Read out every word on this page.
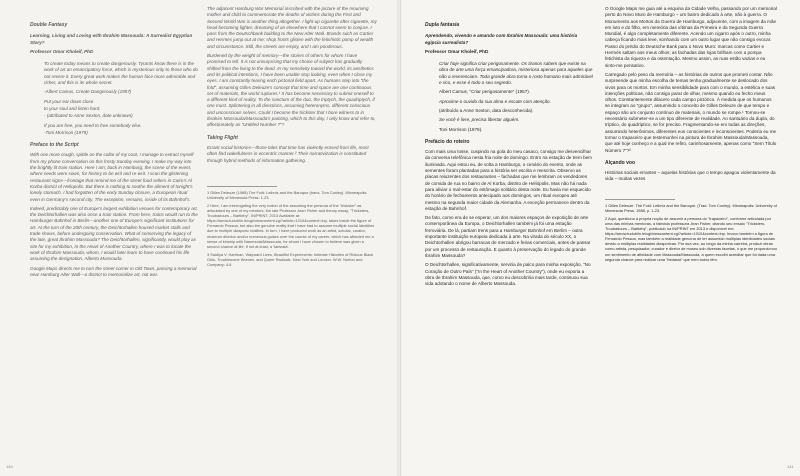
Double Fantasy

Learning, Living and Loving with Ibrahim Massouda: A Surrealist Egyptian Story?

Professor Omar Kholeif, PhD

To create today means to create dangerously. Tyrants know there is in the work of art an emancipatory force, which is mysterious only to those who do not revere it. Every great work makes the human face more admirable and richer, and this is its whole secret.

-Albert Camus, Create Dangerously (1957)

Put your ear down close

to your soul and listen hard.

- (attributed to Anne Sexton, date unknown)

If you are free, you need to free somebody else.

-Toni Morrison (1979)

Preface to the Script

With one more cough, spittle on the collar of my coat, I manage to extract myself from my phone conversation on this frosty Sunday evening. I make my way into the brightly lit train station. Here I am; back in Hamburg, the scene of the event, where seeds were sown, for history to be writ and re-writ. I scan the glistening restaurant signs—frontage that remind me of the street food sellers in Cairo's Al Korba district of Heliopolis. But there is nothing to soothe the ailment of tonight's lonely stomach. I had forgotten of the early Sunday closure, a European ritual even in Germany's second city. The exception, remains, inside of its Bahnhof's.

Indeed, predictably one of Europe's largest exhibition venues for contemporary art, the Deichtorhallen was also once a train station. From here, trains would run to the Hamburger Bahnhof in Berlin—another one of Europe's significant institutions for art. At the turn of the 20th century, the Deichtorhallen housed market stalls and trade shows, before undergoing conservation. What of conserving the legacy of the late, great Ibrahim Massouda? The Deichtorhallen, significantly, would play as site for my exhibition, In the Heart of Another Country, where I was to locate the work of Ibrahim Massouda, whom, I would later learn to have continued his life assuming the designation, Alberto Massouda.

Google Maps directs me to turn the street corner in Old Town, passing a memorial near Hamburg Alter Wall—a district to memorialize art, not war.

The adjacent Hamburg War Memorial inscribed with the picture of the mourning mother and child to commemorate the deaths of victims during the First and Second World War is another thing altogether. I light-up cigarette after cigarette, my head becoming lighter, dreaming of an elsewhere that I cannot seem to conjure. I pass from the Deutschbank building to the New Alter Wall. Brands such as Cartier and Hermes jump out at me; shop fronts glisten with the fetishistic pomp of wealth and circumstance. Still, the streets are empty, and I am ponderous.

Burdened by the weight of memory—the stories of others for whom I have promised to tell. It is not unsurprising that my choice of subject has gradually shifted from the living to the dead. In my sensitivity toward the world, its aesthetics and its political intentions, I have been unable stop looking, even when I close my eyes. I am constantly tearing each pictorial field apart. As humans step into "the fold", assuming Gilles Deleuze's concept that time and space are one continuous set of materials, the world ruptures.¹ It has become necessary to submit oneself to a different kind of reality. To the sanctum of the duo, the triptych, the quadriptych, if one must. Splintering in all directions, assuming heteronyms, different conscious and unconscious selves. Could I become the trickster that I bore witness to in Ibrahim Massouda/Massouda's painting, which to this day, I only know and refer to, affectionately as "Untitled Number 7"?

Taking Flight

Errant social histories—those tales that time has violently erased from life, most often find wakefulness in eccentric manner.² Their narrativization is constituted through hybrid methods of information gathering.

1 Gilles Deleuze (1988) The Fold: Leibniz and the Baroque (trans. Tom Conley). Minneapolis: University of Minnesota Press: 1-23.

2 Here, I am interrogating the very notion of the assuming the persona of the "trickster" as articulated by one of my mentors, the late Professor Jean Fisher and theory essay, "Tricksters, Troubadours – Bartleby", IN/PRINT, 2013 Available at: https://arrow.tudublin.ie/cgi/viewcontent.cgi?article=1010&context=inp, takes inside the figure of Fernando Pessoa, but also the genuine reality that I have had to assume multiple social identities due to multiple diasporic realities. In turn, I have produced work as an artist, scholar, curator, museum director and/or numerous guises over the course of my career, which has afforded me a sense of kinship with Nasrmoda/Massouda, for whom I have chosen to believe was given a second chance at life, if not at least, a 'fantasia'.

3 Saidiya V. Hartman, Wayward Lives, Beautiful Experiments: Intimate Histories of Riotous Black Girls, Troublesome Women, and Queer Radicals. New York and London: W.W. Norton and Company: 4-6

140

Dupla fantasia

Aprendendo, vivendo e amando com Ibrahim Massouda: uma história egípcia surrealista?

Professor Omar Kholeif, PhD

Criar hoje significa criar perigosamente. Os tiranos sabem que existe na obra de arte uma força emancipadora, misteriosa apenas para aqueles que não a reverenciam. Toda grande obra torna o rosto humano mais admirável e rico, e esse é todo o seu segredo.

Albert Camus, "Criar perigosamente" (1957).

Aproxime o ouvido da sua alma e escute com atenção.

(atribuído a Anne Sexton, data desconhecida).

Se você é livre, precisa libertar alguém.

Toni Morrison (1979).

Prefácio do roteiro

Com mais uma tosse, cuspindo na gola do meu casaco, consigo me desvencilhar da conversa telefônica nesta fria noite de domingo. Entro na estação de trem bem iluminada. Aqui estou eu, de volta a Hamburgo, o cenário do evento, onde as sementes foram plantadas para a história ser escrita e reescrita. Observo as placas reluzentes dos restaurantes – fachadas que me lembram os vendedores de comida de rua no bairro de Al Korba, distrito de Heliópolis. Mas não há nada para aliviar o mal-estar do estômago solitário desta noite. Eu havia me esquecido do horário de fechamento antecipado aos domingos, um ritual europeu até mesmo na segunda maior cidade da Alemanha. A exceção permanece dentro da estação de Bahnhof.

De fato, como era de se esperar, um dos maiores espaços de exposição de arte contemporânea da Europa, o Deichtorhallen também já foi uma estação ferroviária. De lá, partiam trens para a Hamburger Bahnhof em Berlim – outra importante instituição europeia dedicada à arte. Na virada do século XX, o Deichtorhallen abrigou barracas de mercado e feiras comerciais, antes de passar por um processo de restauração. E quanto à preservação do legado do grande Ibrahim Massouda?

O Deichtorhallen, significativamente, serviria de palco para minha exposição, "No Coração de Outro País" ("In the Heart of Another Country"), onde eu exporia a obra de Ibrahim Massouda, que, como eu descobriria mais tarde, continuou sua vida adotando o nome de Alberto Massouda.

O Google Maps me guia até a esquina da Cidade Velha, passando por um memorial perto do Novo Muro de Hamburgo – um bairro dedicado à arte, não à guerra. O Monumento aos Mortos da Guerra de Hamburgo, adjacente, com a imagem da mãe em luto e do filho, em memória das vítimas da Primeira e da Segunda Guerra Mundial, é algo completamente diferente. Acendo um cigarro após o outro, minha cabeça ficando mais leve, sonhando com um outro lugar que não consigo evocar. Passo do prédio do Deutsche Bank para o Novo Muro: marcas como Cartier e Hermès saltam aos meus olhos; as fachadas das lojas brilham com a pompa fetichista da riqueza e da ostentação. Mesmo assim, as ruas estão vazias e eu sinto-me pensativo.

Carregado pelo peso da memória – as histórias de outros que prometi contar. Não surpreende que minha escolha de temas tenha gradualmente se deslocado dos vivos para os mortos. Em minha sensibilidade para com o mundo, a estética e suas intenções políticas, não consigo parar de olhar, mesmo quando eu fecho meus olhos. Constantemente dilacero cada campo pictórico. À medida que os humanos se integram ao "grupo", assumindo o conceito de Gilles Deleuze de que tempo e espaço são um conjunto contínuo de materiais, o mundo se rompe.¹ Tornou-se necessário submeter-se a um tipo diferente de realidade. Ao santuário da dupla, do tríptico, do quadríptico, se for preciso. Fragmentando-se em todas as direções, assumindo heterônimos, diferentes eus conscientes e inconscientes. Poderia eu me tornar o trapaceiro que testemunhei na pintura de Ibrahim Massouda/Massouda, que até hoje conheço e a qual me refiro, carinhosamente, apenas como "Sem Título Número 7"?²

Alçando voo

Histórias sociais errantes – aquelas histórias que o tempo apagou violentamente da vida – muitas vezes

1 Gilles Deleuze. The Fold: Leibniz and the Baroque. (Trad. Tom Conley). Minneapolis: University of Minnesota Press, 1988, p. 1-23.

2 Aqui, questiono a própria noção de assumir a persona do "trapaceiro", conforme articulada por uma das minhas mentoras, a falecida professora Jean Fisher, citando seu ensaio "Tricksters, Troubadours – Bartleby", publicado na IN/PRINT em 2013 e disponível em: https://arrow.tudublin.ie/cgi/viewcontent.cgi?article=1010&context=inp. Invoco também a figura de Fernando Pessoa, mas também a realidade genuína de ter assumido múltiplas identidades sociais devido a múltiplas realidades diaspóricas. Por sua vez, ao longo da minha carreira, produzi obras como artista, pesquisador, curador e diretor de museu sob diversas facetas, o que me proporcionou um sentimento de afinidade com Massouda/Massouda, a quem escolhi acreditar que foi dada uma segunda chance para realizar uma "fantasia" que nem todos têm.

141
